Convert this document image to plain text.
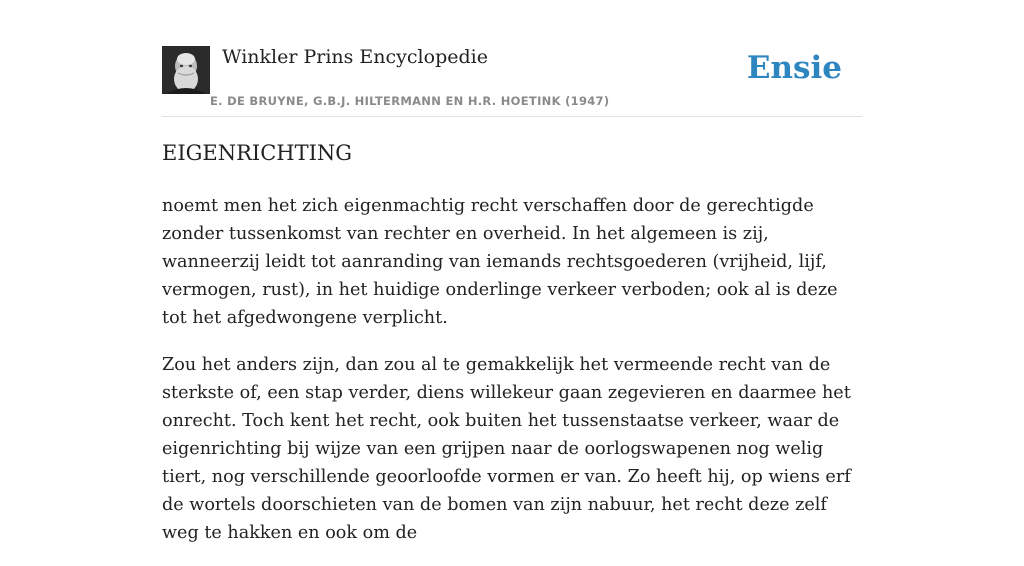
Winkler Prins Encyclopedie
E. DE BRUYNE, G.B.J. HILTERMANN EN H.R. HOETINK (1947)
Ensie
EIGENRICHTING

noemt men het zich eigenmachtig recht verschaffen door de gerechtigde zonder tussenkomst van rechter en overheid. In het algemeen is zij, wanneerzij leidt tot aanranding van iemands rechtsgoederen (vrijheid, lijf, vermogen, rust), in het huidige onderlinge verkeer verboden; ook al is deze tot het afgedwongene verplicht.

Zou het anders zijn, dan zou al te gemakkelijk het vermeende recht van de sterkste of, een stap verder, diens willekeur gaan zegevieren en daarmee het onrecht. Toch kent het recht, ook buiten het tussenstaatse verkeer, waar de eigenrichting bij wijze van een grijpen naar de oorlogswapenen nog welig tiert, nog verschillende geoorloofde vormen er van. Zo heeft hij, op wiens erf de wortels doorschieten van de bomen van zijn nabuur, het recht deze zelf weg te hakken en ook om de
